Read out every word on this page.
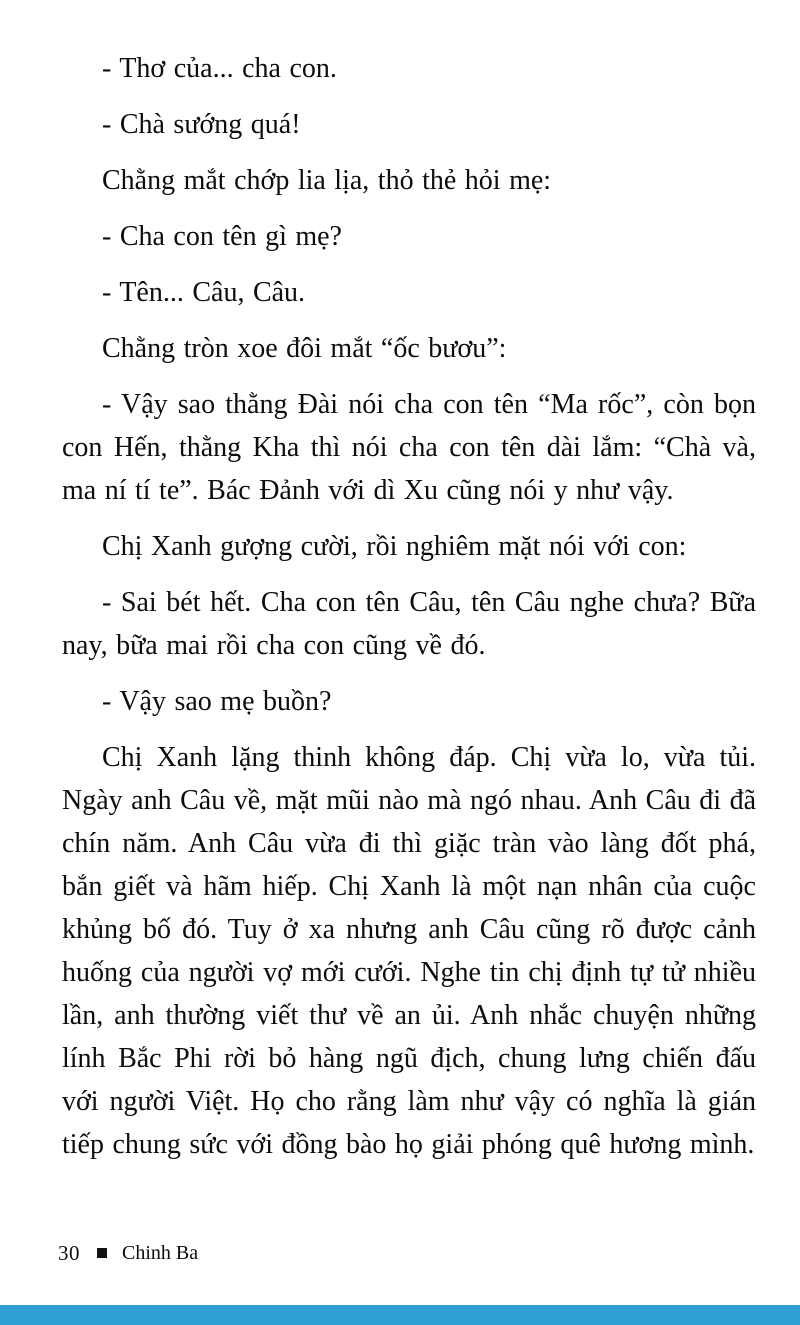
- Thơ của... cha con.

- Chà sướng quá!

Chằng mắt chớp lia lịa, thỏ thẻ hỏi mẹ:

- Cha con tên gì mẹ?

- Tên... Câu, Câu.

Chằng tròn xoe đôi mắt “ốc bươu”:

- Vậy sao thằng Đài nói cha con tên “Ma rốc”, còn bọn con Hến, thằng Kha thì nói cha con tên dài lắm: “Chà và, ma ní tí te”. Bác Đảnh với dì Xu cũng nói y như vậy.

Chị Xanh gượng cười, rồi nghiêm mặt nói với con:

- Sai bét hết. Cha con tên Câu, tên Câu nghe chưa? Bữa nay, bữa mai rồi cha con cũng về đó.

- Vậy sao mẹ buồn?

Chị Xanh lặng thinh không đáp. Chị vừa lo, vừa tủi. Ngày anh Câu về, mặt mũi nào mà ngó nhau. Anh Câu đi đã chín năm. Anh Câu vừa đi thì giặc tràn vào làng đốt phá, bắn giết và hãm hiếp. Chị Xanh là một nạn nhân của cuộc khủng bố đó. Tuy ở xa nhưng anh Câu cũng rõ được cảnh huống của người vợ mới cưới. Nghe tin chị định tự tử nhiều lần, anh thường viết thư về an ủi. Anh nhắc chuyện những lính Bắc Phi rời bỏ hàng ngũ địch, chung lưng chiến đấu với người Việt. Họ cho rằng làm như vậy có nghĩa là gián tiếp chung sức với đồng bào họ giải phóng quê hương mình.

30 Chinh Ba
